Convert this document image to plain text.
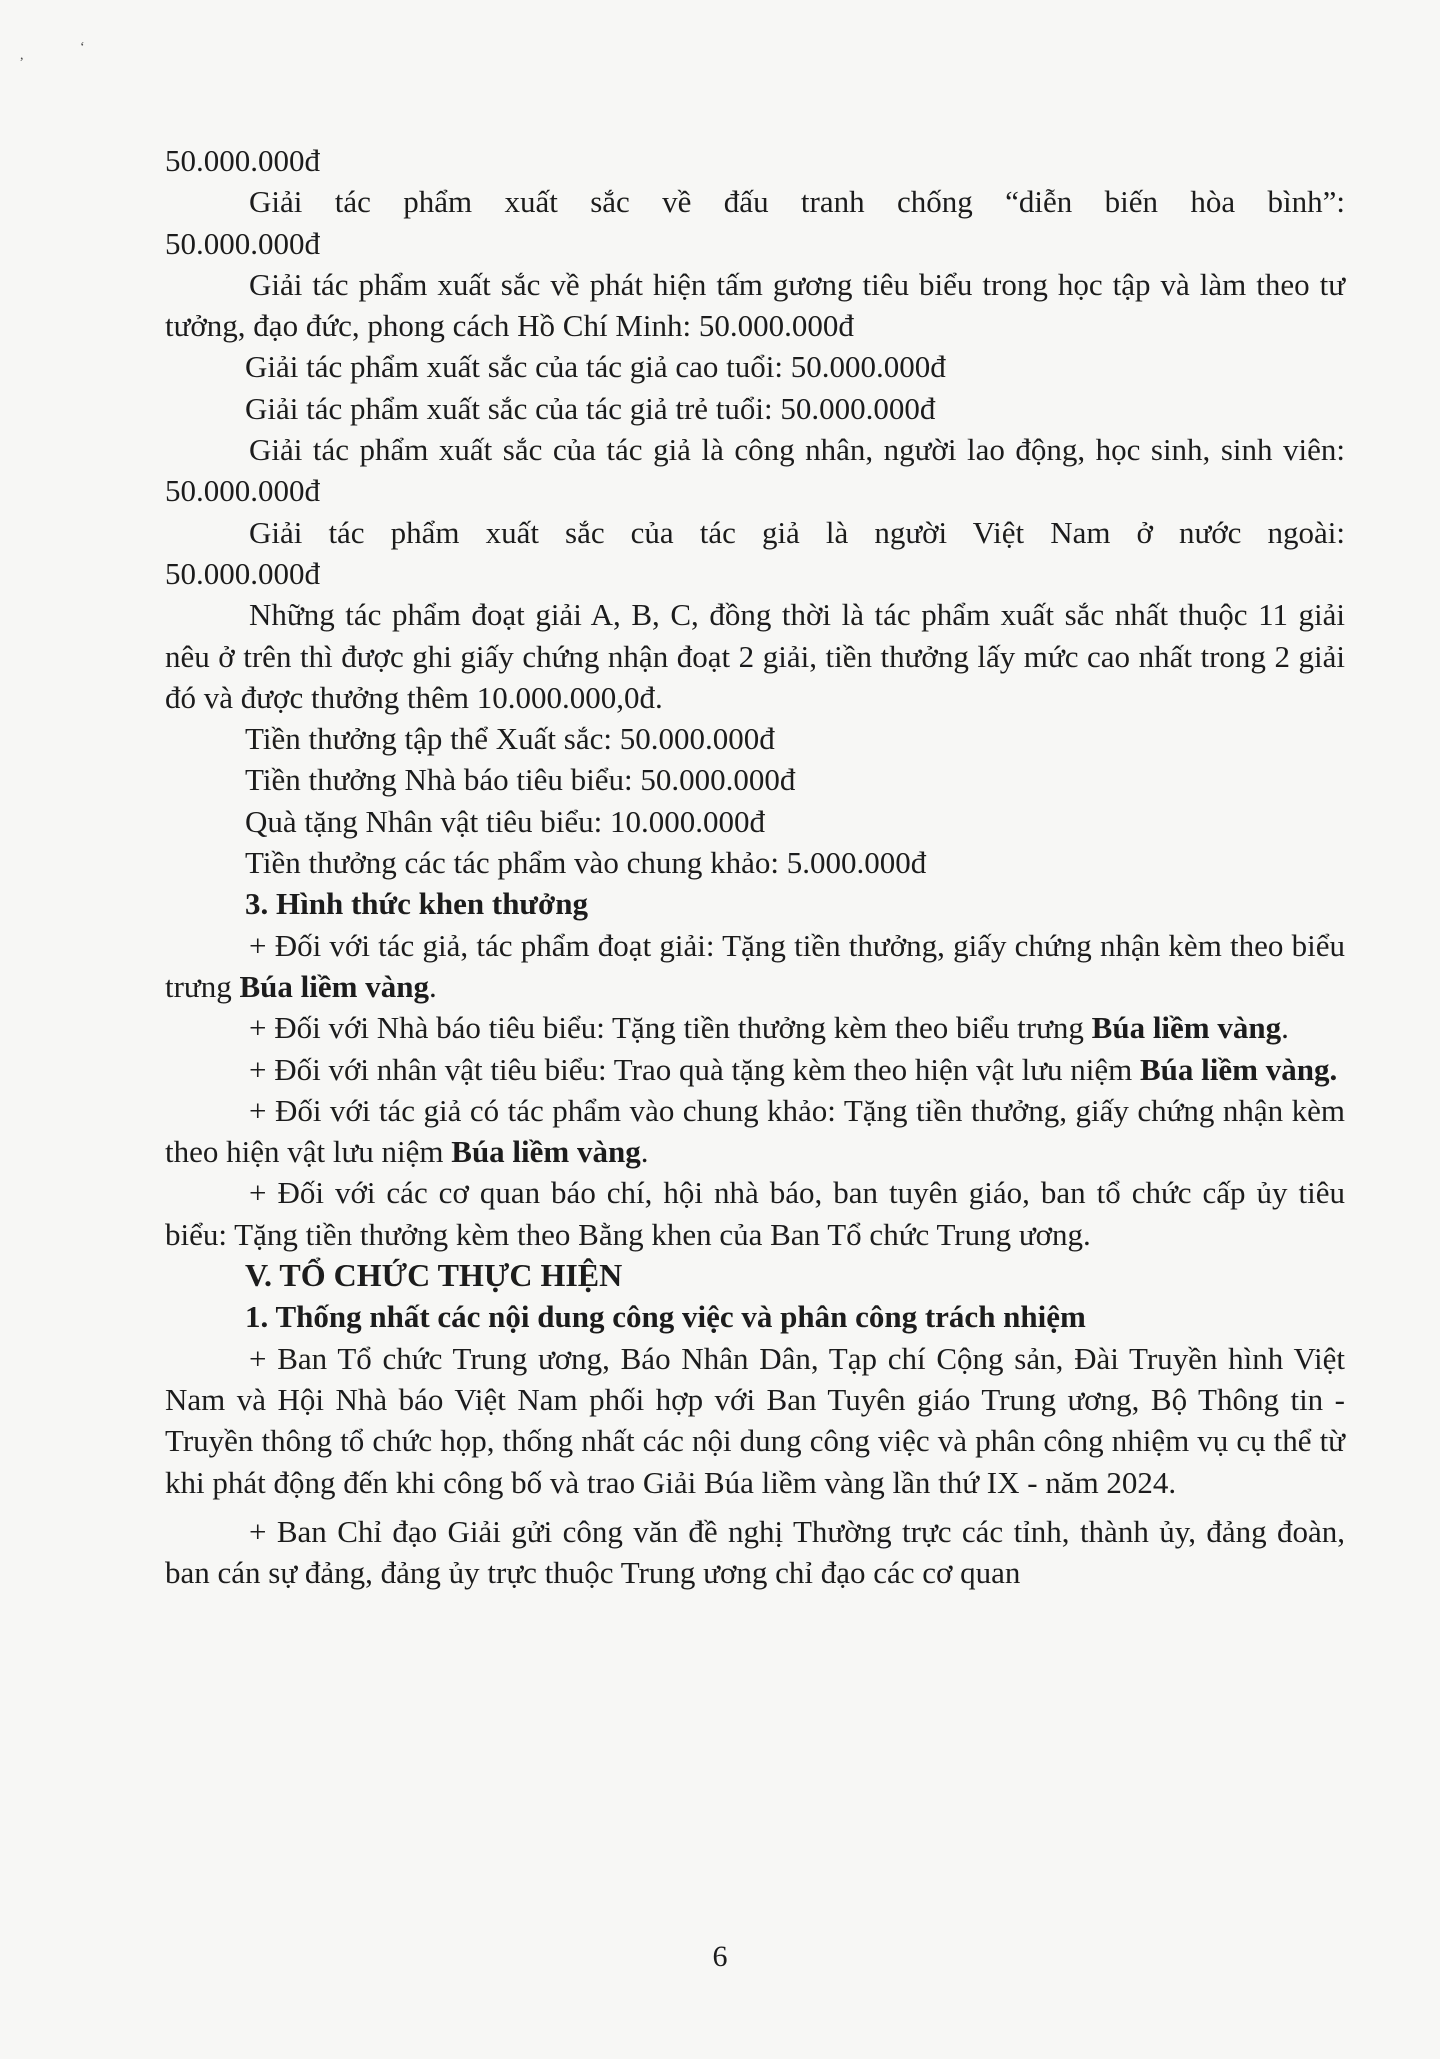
,
‘

50.000.000đ

Giải tác phẩm xuất sắc về đấu tranh chống “diễn biến hòa bình”:

50.000.000đ

Giải tác phẩm xuất sắc về phát hiện tấm gương tiêu biểu trong học tập và làm theo tư tưởng, đạo đức, phong cách Hồ Chí Minh: 50.000.000đ

Giải tác phẩm xuất sắc của tác giả cao tuổi: 50.000.000đ

Giải tác phẩm xuất sắc của tác giả trẻ tuổi: 50.000.000đ

Giải tác phẩm xuất sắc của tác giả là công nhân, người lao động, học sinh, sinh viên: 50.000.000đ

Giải tác phẩm xuất sắc của tác giả là người Việt Nam ở nước ngoài:

50.000.000đ

Những tác phẩm đoạt giải A, B, C, đồng thời là tác phẩm xuất sắc nhất thuộc 11 giải nêu ở trên thì được ghi giấy chứng nhận đoạt 2 giải, tiền thưởng lấy mức cao nhất trong 2 giải đó và được thưởng thêm 10.000.000,0đ.

Tiền thưởng tập thể Xuất sắc: 50.000.000đ

Tiền thưởng Nhà báo tiêu biểu: 50.000.000đ

Quà tặng Nhân vật tiêu biểu: 10.000.000đ

Tiền thưởng các tác phẩm vào chung khảo: 5.000.000đ

3. Hình thức khen thưởng

+ Đối với tác giả, tác phẩm đoạt giải: Tặng tiền thưởng, giấy chứng nhận kèm theo biểu trưng Búa liềm vàng.

+ Đối với Nhà báo tiêu biểu: Tặng tiền thưởng kèm theo biểu trưng Búa liềm vàng.

+ Đối với nhân vật tiêu biểu: Trao quà tặng kèm theo hiện vật lưu niệm Búa liềm vàng.

+ Đối với tác giả có tác phẩm vào chung khảo: Tặng tiền thưởng, giấy chứng nhận kèm theo hiện vật lưu niệm Búa liềm vàng.

+ Đối với các cơ quan báo chí, hội nhà báo, ban tuyên giáo, ban tổ chức cấp ủy tiêu biểu: Tặng tiền thưởng kèm theo Bằng khen của Ban Tổ chức Trung ương.

V. TỔ CHỨC THỰC HIỆN

1. Thống nhất các nội dung công việc và phân công trách nhiệm

+ Ban Tổ chức Trung ương, Báo Nhân Dân, Tạp chí Cộng sản, Đài Truyền hình Việt Nam và Hội Nhà báo Việt Nam phối hợp với Ban Tuyên giáo Trung ương, Bộ Thông tin - Truyền thông tổ chức họp, thống nhất các nội dung công việc và phân công nhiệm vụ cụ thể từ khi phát động đến khi công bố và trao Giải Búa liềm vàng lần thứ IX - năm 2024.

+ Ban Chỉ đạo Giải gửi công văn đề nghị Thường trực các tỉnh, thành ủy, đảng đoàn, ban cán sự đảng, đảng ủy trực thuộc Trung ương chỉ đạo các cơ quan

6
